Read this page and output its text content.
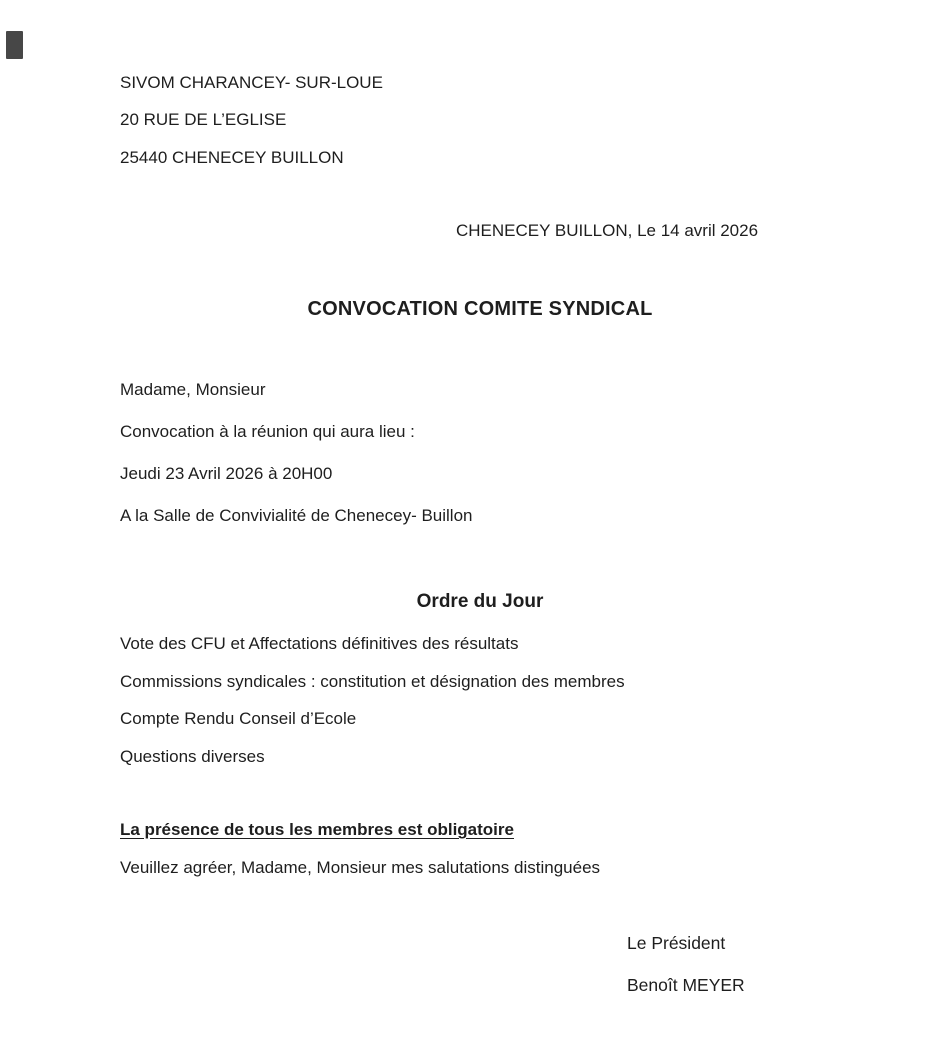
SIVOM CHARANCEY- SUR-LOUE
20 RUE DE L’EGLISE
25440 CHENECEY BUILLON
CHENECEY BUILLON, Le 14 avril 2026
CONVOCATION COMITE SYNDICAL
Madame, Monsieur
Convocation à la réunion qui aura lieu :
Jeudi 23 Avril 2026 à 20H00
A la Salle de Convivialité de Chenecey- Buillon
Ordre du Jour
Vote des CFU et Affectations définitives des résultats
Commissions syndicales : constitution et désignation des membres
Compte Rendu Conseil d’Ecole
Questions diverses
La présence de tous les membres est obligatoire
Veuillez agréer, Madame, Monsieur mes salutations distinguées
Le Président
Benoît MEYER
